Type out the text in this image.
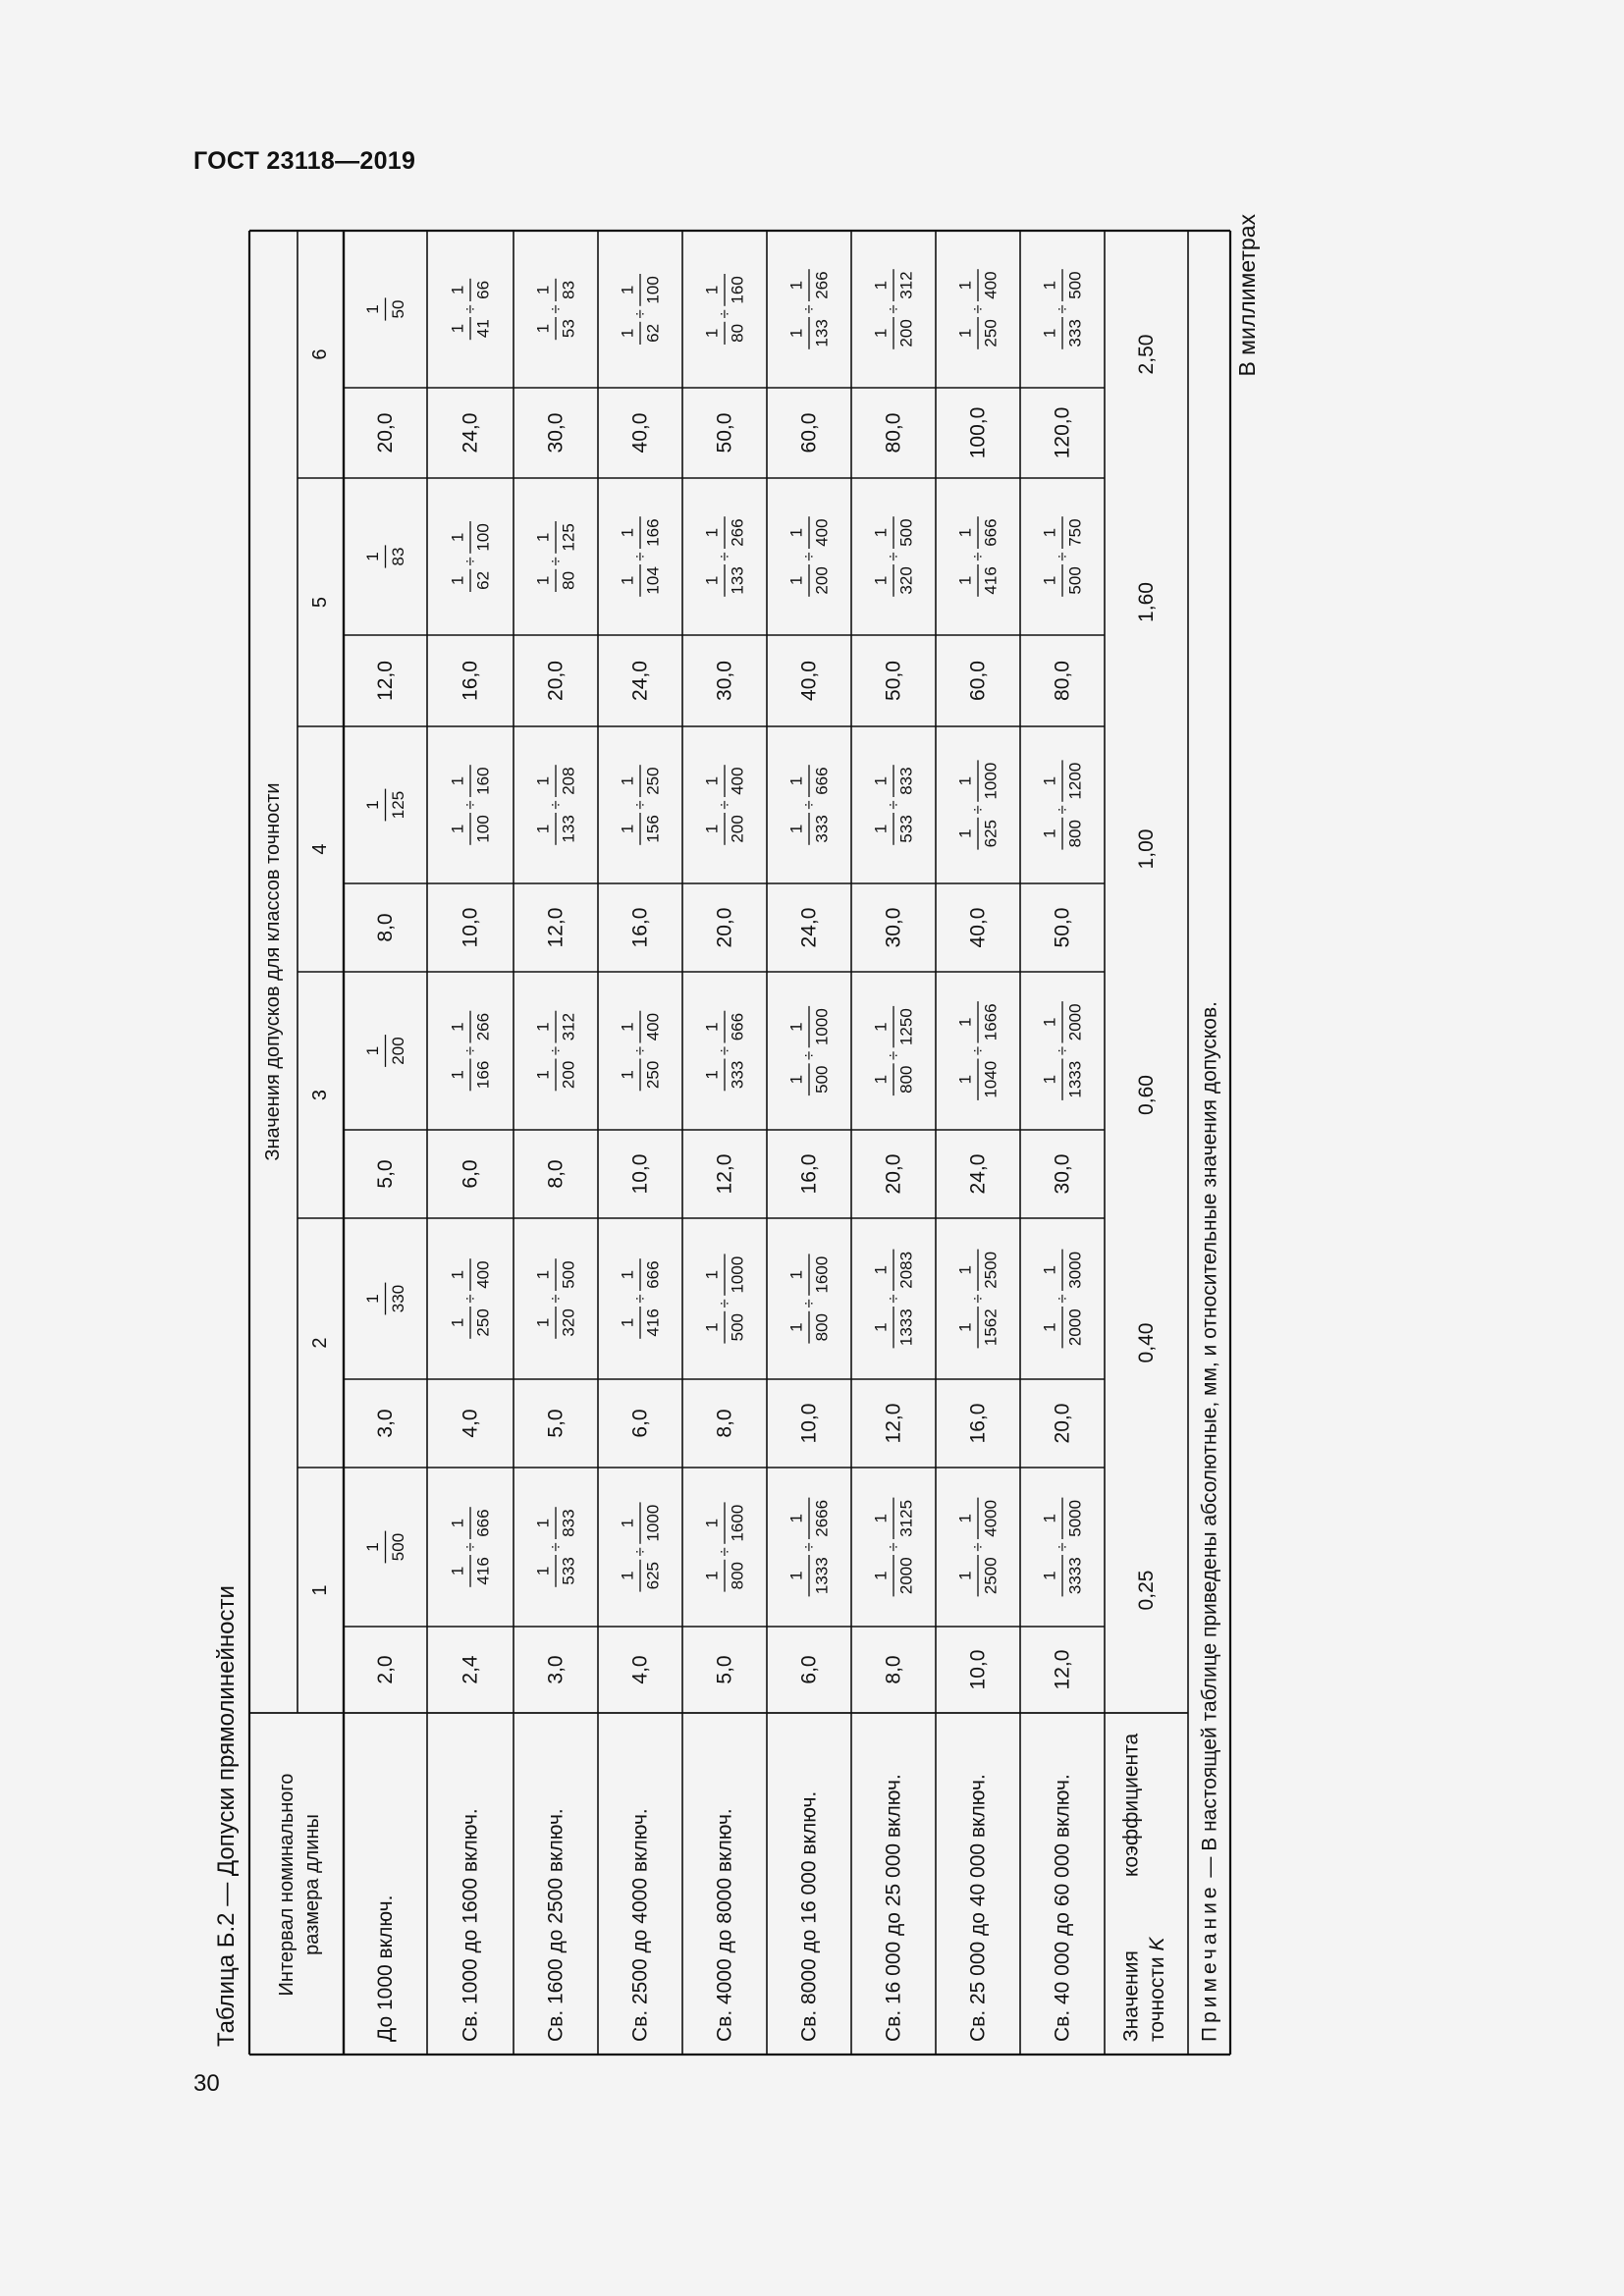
ГОСТ 23118—2019
30
Таблица Б.2 — Допуски прямолинейности
В миллиметрах
Интервал номинального размера длины
Значения допусков для классов точности
1
2
3
4
5
6
До 1000 включ.
2,0
1 500
3,0
1 330
5,0
1 200
8,0
1 125
12,0
1 83
20,0
1 50
Св. 1000 до 1600 включ.
2,4
1 416
1 666
÷
4,0
1 250
1 400
÷
6,0
1 166
1 266
÷
10,0
1 100
1 160
÷
16,0
1 62
1 100
÷
24,0
1 41
1 66
÷
Св. 1600 до 2500 включ.
3,0
1 533
1 833
÷
5,0
1 320
1 500
÷
8,0
1 200
1 312
÷
12,0
1 133
1 208
÷
20,0
1 80
1 125
÷
30,0
1 53
1 83
÷
Св. 2500 до 4000 включ.
4,0
1 625
1 1000
÷
6,0
1 416
1 666
÷
10,0
1 250
1 400
÷
16,0
1 156
1 250
÷
24,0
1 104
1 166
÷
40,0
1 62
1 100
÷
Св. 4000 до 8000 включ.
5,0
1 800
1 1600
÷
8,0
1 500
1 1000
÷
12,0
1 333
1 666
÷
20,0
1 200
1 400
÷
30,0
1 133
1 266
÷
50,0
1 80
1 160
÷
Св. 8000 до 16 000 включ.
6,0
1 1333
1 2666
÷
10,0
1 800
1 1600
÷
16,0
1 500
1 1000
÷
24,0
1 333
1 666
÷
40,0
1 200
1 400
÷
60,0
1 133
1 266
÷
Св. 16 000 до 25 000 включ.
8,0
1 2000
1 3125
÷
12,0
1 1333
1 2083
÷
20,0
1 800
1 1250
÷
30,0
1 533
1 833
÷
50,0
1 320
1 500
÷
80,0
1 200
1 312
÷
Св. 25 000 до 40 000 включ.
10,0
1 2500
1 4000
÷
16,0
1 1562
1 2500
÷
24,0
1 1040
1 1666
÷
40,0
1 625
1 1000
÷
60,0
1 416
1 666
÷
100,0
1 250
1 400
÷
Св. 40 000 до 60 000 включ.
12,0
1 3333
1 5000
÷
20,0
1 2000
1 3000
÷
30,0
1 1333
1 2000
÷
50,0
1 800
1 1200
÷
80,0
1 500
1 750
÷
120,0
1 333
1 500
÷
Значения
коэффициента
точности K
0,25
0,40
0,60
1,00
1,60
2,50
Примечание — В настоящей таблице приведены абсолютные, мм, и относительные значения допусков.
